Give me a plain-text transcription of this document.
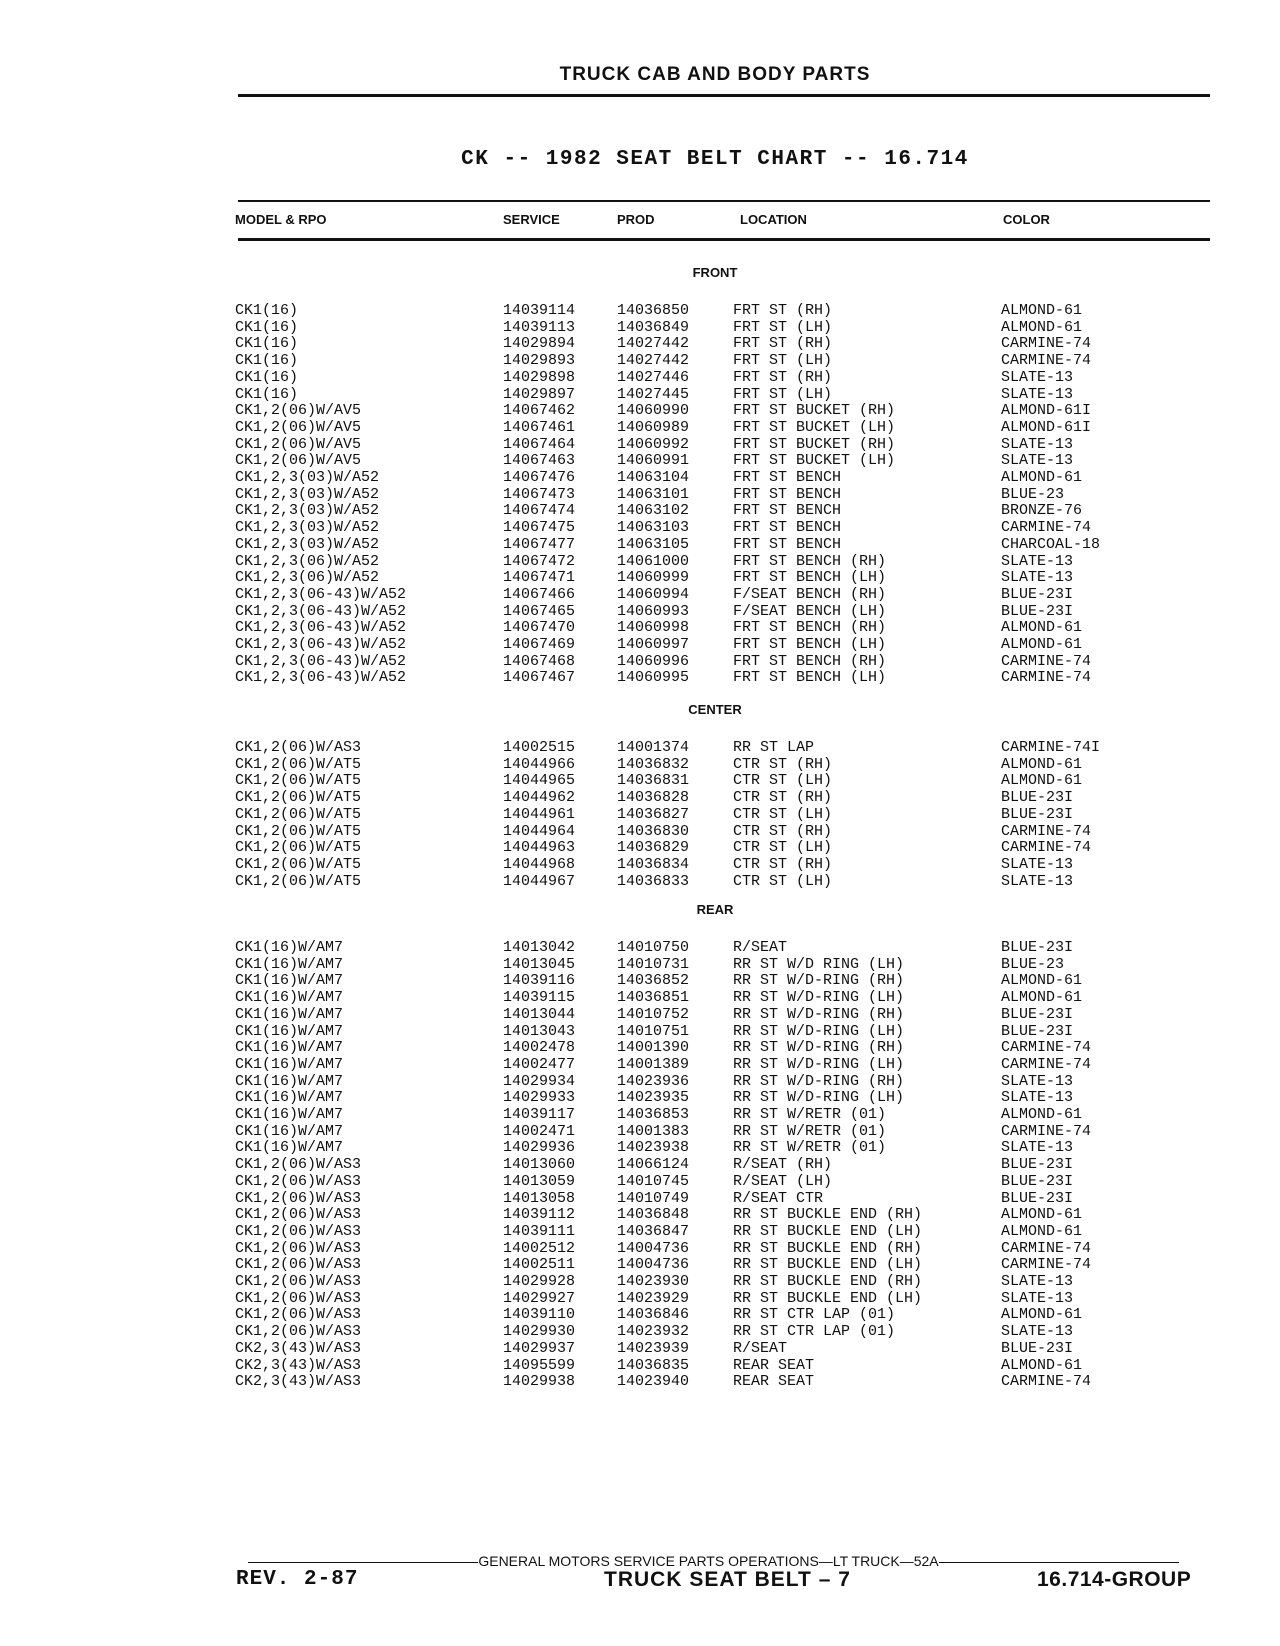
TRUCK CAB AND BODY PARTS
CK -- 1982 SEAT BELT CHART -- 16.714
MODEL & RPO	SERVICE	PROD	LOCATION	COLOR
FRONT
CK1(16)	14039114	14036850	FRT ST (RH)	ALMOND-61
CK1(16)	14039113	14036849	FRT ST (LH)	ALMOND-61
CK1(16)	14029894	14027442	FRT ST (RH)	CARMINE-74
CK1(16)	14029893	14027442	FRT ST (LH)	CARMINE-74
CK1(16)	14029898	14027446	FRT ST (RH)	SLATE-13
CK1(16)	14029897	14027445	FRT ST (LH)	SLATE-13
CK1,2(06)W/AV5	14067462	14060990	FRT ST BUCKET (RH)	ALMOND-61I
CK1,2(06)W/AV5	14067461	14060989	FRT ST BUCKET (LH)	ALMOND-61I
CK1,2(06)W/AV5	14067464	14060992	FRT ST BUCKET (RH)	SLATE-13
CK1,2(06)W/AV5	14067463	14060991	FRT ST BUCKET (LH)	SLATE-13
CK1,2,3(03)W/A52	14067476	14063104	FRT ST BENCH	ALMOND-61
CK1,2,3(03)W/A52	14067473	14063101	FRT ST BENCH	BLUE-23
CK1,2,3(03)W/A52	14067474	14063102	FRT ST BENCH	BRONZE-76
CK1,2,3(03)W/A52	14067475	14063103	FRT ST BENCH	CARMINE-74
CK1,2,3(03)W/A52	14067477	14063105	FRT ST BENCH	CHARCOAL-18
CK1,2,3(06)W/A52	14067472	14061000	FRT ST BENCH (RH)	SLATE-13
CK1,2,3(06)W/A52	14067471	14060999	FRT ST BENCH (LH)	SLATE-13
CK1,2,3(06-43)W/A52	14067466	14060994	F/SEAT BENCH (RH)	BLUE-23I
CK1,2,3(06-43)W/A52	14067465	14060993	F/SEAT BENCH (LH)	BLUE-23I
CK1,2,3(06-43)W/A52	14067470	14060998	FRT ST BENCH (RH)	ALMOND-61
CK1,2,3(06-43)W/A52	14067469	14060997	FRT ST BENCH (LH)	ALMOND-61
CK1,2,3(06-43)W/A52	14067468	14060996	FRT ST BENCH (RH)	CARMINE-74
CK1,2,3(06-43)W/A52	14067467	14060995	FRT ST BENCH (LH)	CARMINE-74
CENTER
CK1,2(06)W/AS3	14002515	14001374	RR ST LAP	CARMINE-74I
CK1,2(06)W/AT5	14044966	14036832	CTR ST (RH)	ALMOND-61
CK1,2(06)W/AT5	14044965	14036831	CTR ST (LH)	ALMOND-61
CK1,2(06)W/AT5	14044962	14036828	CTR ST (RH)	BLUE-23I
CK1,2(06)W/AT5	14044961	14036827	CTR ST (LH)	BLUE-23I
CK1,2(06)W/AT5	14044964	14036830	CTR ST (RH)	CARMINE-74
CK1,2(06)W/AT5	14044963	14036829	CTR ST (LH)	CARMINE-74
CK1,2(06)W/AT5	14044968	14036834	CTR ST (RH)	SLATE-13
CK1,2(06)W/AT5	14044967	14036833	CTR ST (LH)	SLATE-13
REAR
CK1(16)W/AM7	14013042	14010750	R/SEAT	BLUE-23I
CK1(16)W/AM7	14013045	14010731	RR ST W/D RING (LH)	BLUE-23
CK1(16)W/AM7	14039116	14036852	RR ST W/D-RING (RH)	ALMOND-61
CK1(16)W/AM7	14039115	14036851	RR ST W/D-RING (LH)	ALMOND-61
CK1(16)W/AM7	14013044	14010752	RR ST W/D-RING (RH)	BLUE-23I
CK1(16)W/AM7	14013043	14010751	RR ST W/D-RING (LH)	BLUE-23I
CK1(16)W/AM7	14002478	14001390	RR ST W/D-RING (RH)	CARMINE-74
CK1(16)W/AM7	14002477	14001389	RR ST W/D-RING (LH)	CARMINE-74
CK1(16)W/AM7	14029934	14023936	RR ST W/D-RING (RH)	SLATE-13
CK1(16)W/AM7	14029933	14023935	RR ST W/D-RING (LH)	SLATE-13
CK1(16)W/AM7	14039117	14036853	RR ST W/RETR (01)	ALMOND-61
CK1(16)W/AM7	14002471	14001383	RR ST W/RETR (01)	CARMINE-74
CK1(16)W/AM7	14029936	14023938	RR ST W/RETR (01)	SLATE-13
CK1,2(06)W/AS3	14013060	14066124	R/SEAT (RH)	BLUE-23I
CK1,2(06)W/AS3	14013059	14010745	R/SEAT (LH)	BLUE-23I
CK1,2(06)W/AS3	14013058	14010749	R/SEAT CTR	BLUE-23I
CK1,2(06)W/AS3	14039112	14036848	RR ST BUCKLE END (RH)	ALMOND-61
CK1,2(06)W/AS3	14039111	14036847	RR ST BUCKLE END (LH)	ALMOND-61
CK1,2(06)W/AS3	14002512	14004736	RR ST BUCKLE END (RH)	CARMINE-74
CK1,2(06)W/AS3	14002511	14004736	RR ST BUCKLE END (LH)	CARMINE-74
CK1,2(06)W/AS3	14029928	14023930	RR ST BUCKLE END (RH)	SLATE-13
CK1,2(06)W/AS3	14029927	14023929	RR ST BUCKLE END (LH)	SLATE-13
CK1,2(06)W/AS3	14039110	14036846	RR ST CTR LAP (01)	ALMOND-61
CK1,2(06)W/AS3	14029930	14023932	RR ST CTR LAP (01)	SLATE-13
CK2,3(43)W/AS3	14029937	14023939	R/SEAT	BLUE-23I
CK2,3(43)W/AS3	14095599	14036835	REAR SEAT	ALMOND-61
CK2,3(43)W/AS3	14029938	14023940	REAR SEAT	CARMINE-74
GENERAL MOTORS SERVICE PARTS OPERATIONS—LT TRUCK—52A
REV. 2-87	TRUCK SEAT BELT – 7	16.714-GROUP
